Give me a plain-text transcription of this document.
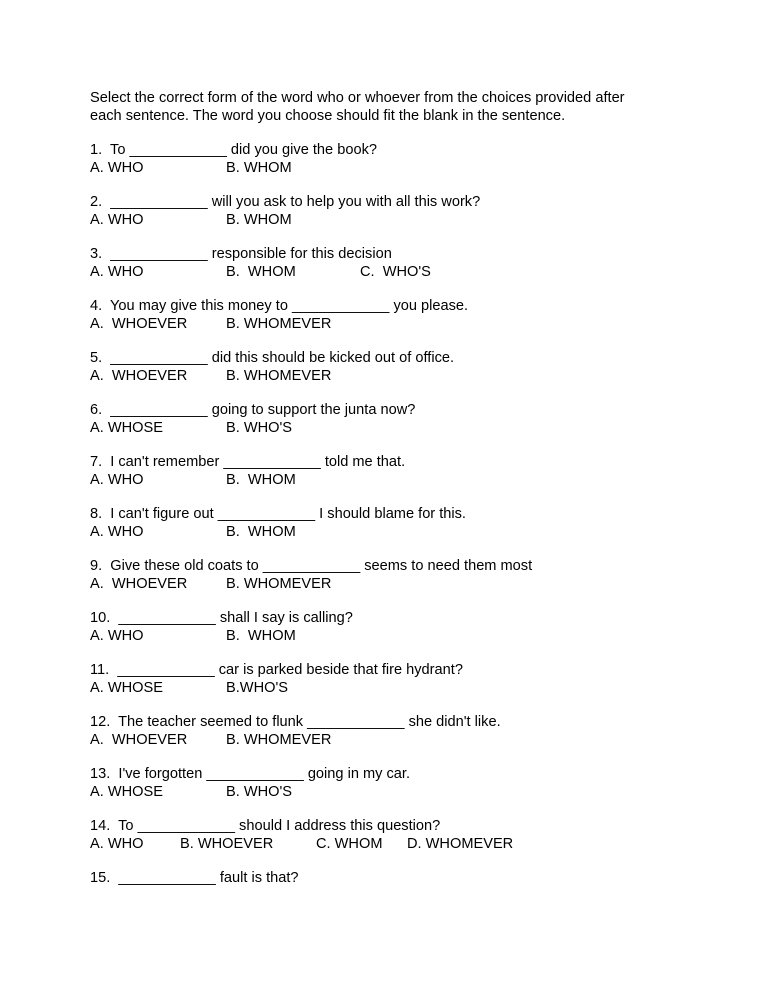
Select the correct form of the word who or whoever from the choices provided after
each sentence. The word you choose should fit the blank in the sentence.
1.  To ____________ did you give the book?
A. WHO	B. WHOM
2.  ____________ will you ask to help you with all this work?
A. WHO	B. WHOM
3.  ____________ responsible for this decision
A. WHO	B.  WHOM	C.  WHO'S
4.  You may give this money to ____________ you please.
A.  WHOEVER	B. WHOMEVER
5.  ____________ did this should be kicked out of office.
A.  WHOEVER	B. WHOMEVER
6.  ____________ going to support the junta now?
A. WHOSE	B. WHO'S
7.  I can't remember ____________ told me that.
A. WHO	B.  WHOM
8.  I can't figure out ____________ I should blame for this.
A. WHO	B.  WHOM
9.  Give these old coats to ____________ seems to need them most
A.  WHOEVER	B. WHOMEVER
10.  ____________ shall I say is calling?
A. WHO	B.  WHOM
11.  ____________ car is parked beside that fire hydrant?
A. WHOSE	B.WHO'S
12.  The teacher seemed to flunk ____________ she didn't like.
A.  WHOEVER	B. WHOMEVER
13.  I've forgotten ____________ going in my car.
A. WHOSE	B. WHO'S
14.  To ____________ should I address this question?
A. WHO B. WHOEVER	C. WHOM D. WHOMEVER
15.  ____________ fault is that?
